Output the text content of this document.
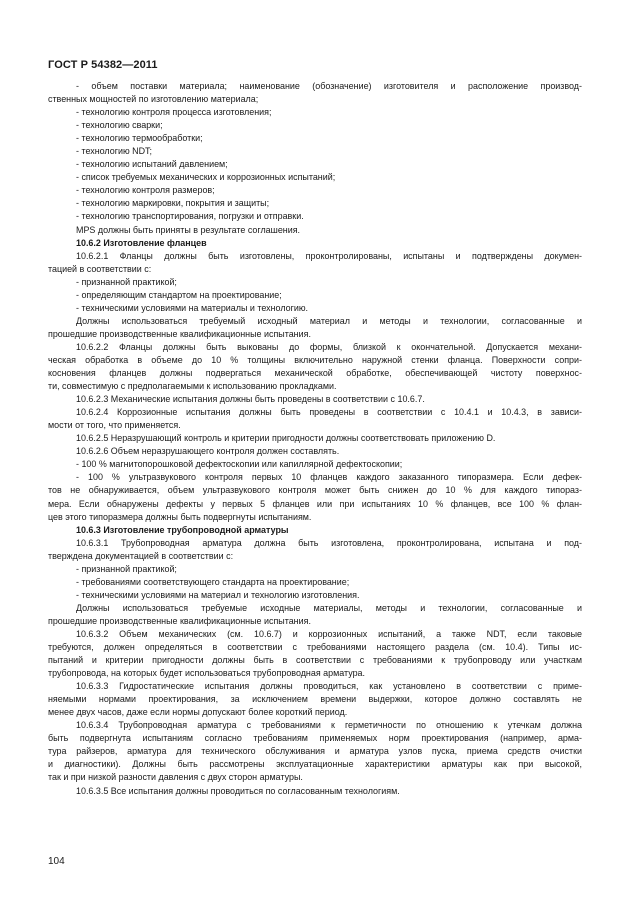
ГОСТ Р 54382—2011

- объем поставки материала; наименование (обозначение) изготовителя и расположение производ-

ственных мощностей по изготовлению материала;

- технологию контроля процесса изготовления;

- технологию сварки;

- технологию термообработки;

- технологию NDT;

- технологию испытаний давлением;

- список требуемых механических и коррозионных испытаний;

- технологию контроля размеров;

- технологию маркировки, покрытия и защиты;

- технологию транспортирования, погрузки и отправки.

MPS должны быть приняты в результате соглашения.

10.6.2 Изготовление фланцев

10.6.2.1 Фланцы должны быть изготовлены, проконтролированы, испытаны и подтверждены докумен-

тацией в соответствии с:

- признанной практикой;

- определяющим стандартом на проектирование;

- техническими условиями на материалы и технологию.

Должны использоваться требуемый исходный материал и методы и технологии, согласованные и

прошедшие производственные квалификационные испытания.

10.6.2.2 Фланцы должны быть выкованы до формы, близкой к окончательной. Допускается механи-

ческая обработка в объеме до 10 % толщины включительно наружной стенки фланца. Поверхности сопри-

косновения фланцев должны подвергаться механической обработке, обеспечивающей чистоту поверхнос-

ти, совместимую с предполагаемыми к использованию прокладками.

10.6.2.3 Механические испытания должны быть проведены в соответствии с 10.6.7.

10.6.2.4 Коррозионные испытания должны быть проведены в соответствии с 10.4.1 и 10.4.3, в зависи-

мости от того, что применяется.

10.6.2.5 Неразрушающий контроль и критерии пригодности должны соответствовать приложению D.

10.6.2.6 Объем неразрушающего контроля должен составлять.

- 100 % магнитопорошковой дефектоскопии или капиллярной дефектоскопии;

- 100 % ультразвукового контроля первых 10 фланцев каждого заказанного типоразмера. Если дефек-

тов не обнаруживается, объем ультразвукового контроля может быть снижен до 10 % для каждого типораз-

мера. Если обнаружены дефекты у первых 5 фланцев или при испытаниях 10 % фланцев, все 100 % флан-

цев этого типоразмера должны быть подвергнуты испытаниям.

10.6.3 Изготовление трубопроводной арматуры

10.6.3.1 Трубопроводная арматура должна быть изготовлена, проконтролирована, испытана и под-

тверждена документацией в соответствии с:

- признанной практикой;

- требованиями соответствующего стандарта на проектирование;

- техническими условиями на материал и технологию изготовления.

Должны использоваться требуемые исходные материалы, методы и технологии, согласованные и

прошедшие производственные квалификационные испытания.

10.6.3.2 Объем механических (см. 10.6.7) и коррозионных испытаний, а также NDT, если таковые

требуются, должен определяться в соответствии с требованиями настоящего раздела (см. 10.4). Типы ис-

пытаний и критерии пригодности должны быть в соответствии с требованиями к трубопроводу или участкам

трубопровода, на которых будет использоваться трубопроводная арматура.

10.6.3.3 Гидростатические испытания должны проводиться, как установлено в соответствии с приме-

няемыми нормами проектирования, за исключением времени выдержки, которое должно составлять не

менее двух часов, даже если нормы допускают более короткий период.

10.6.3.4 Трубопроводная арматура с требованиями к герметичности по отношению к утечкам должна

быть подвергнута испытаниям согласно требованиям применяемых норм проектирования (например, арма-

тура райзеров, арматура для технического обслуживания и арматура узлов пуска, приема средств очистки

и диагностики). Должны быть рассмотрены эксплуатационные характеристики арматуры как при высокой,

так и при низкой разности давления с двух сторон арматуры.

10.6.3.5 Все испытания должны проводиться по согласованным технологиям.

104
